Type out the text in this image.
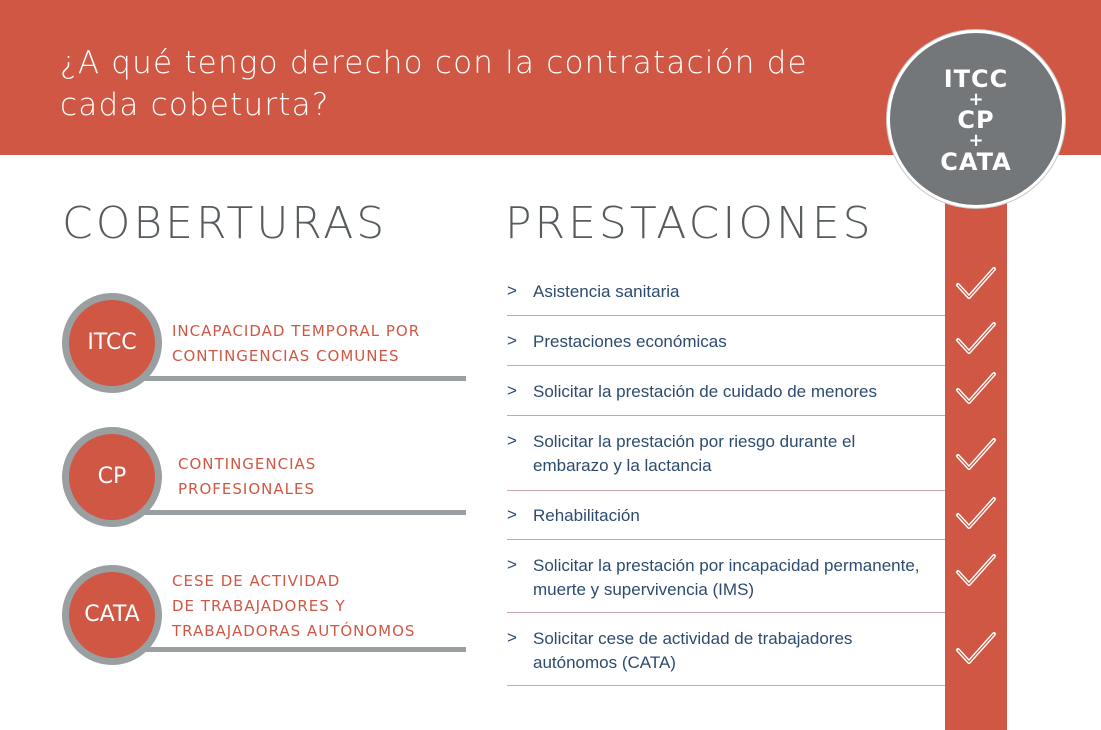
¿A qué tengo derecho con la contratación de
cada cobeturta?
ITCC
+
CP
+
CATA
COBERTURAS	PRESTACIONES
ITCC	INCAPACIDAD TEMPORAL POR
CONTINGENCIAS COMUNES
CP	CONTINGENCIAS
PROFESIONALES
CATA
CESE DE ACTIVIDAD
DE TRABAJADORES Y
TRABAJADORAS AUTÓNOMOS
> Asistencia sanitaria
> Prestaciones económicas
> Solicitar la prestación de cuidado de menores
> Solicitar la prestación por riesgo durante el
embarazo y la lactancia
> Rehabilitación
> Solicitar la prestación por incapacidad permanente,
muerte y supervivencia (IMS)
> Solicitar cese de actividad de trabajadores
autónomos (CATA)
